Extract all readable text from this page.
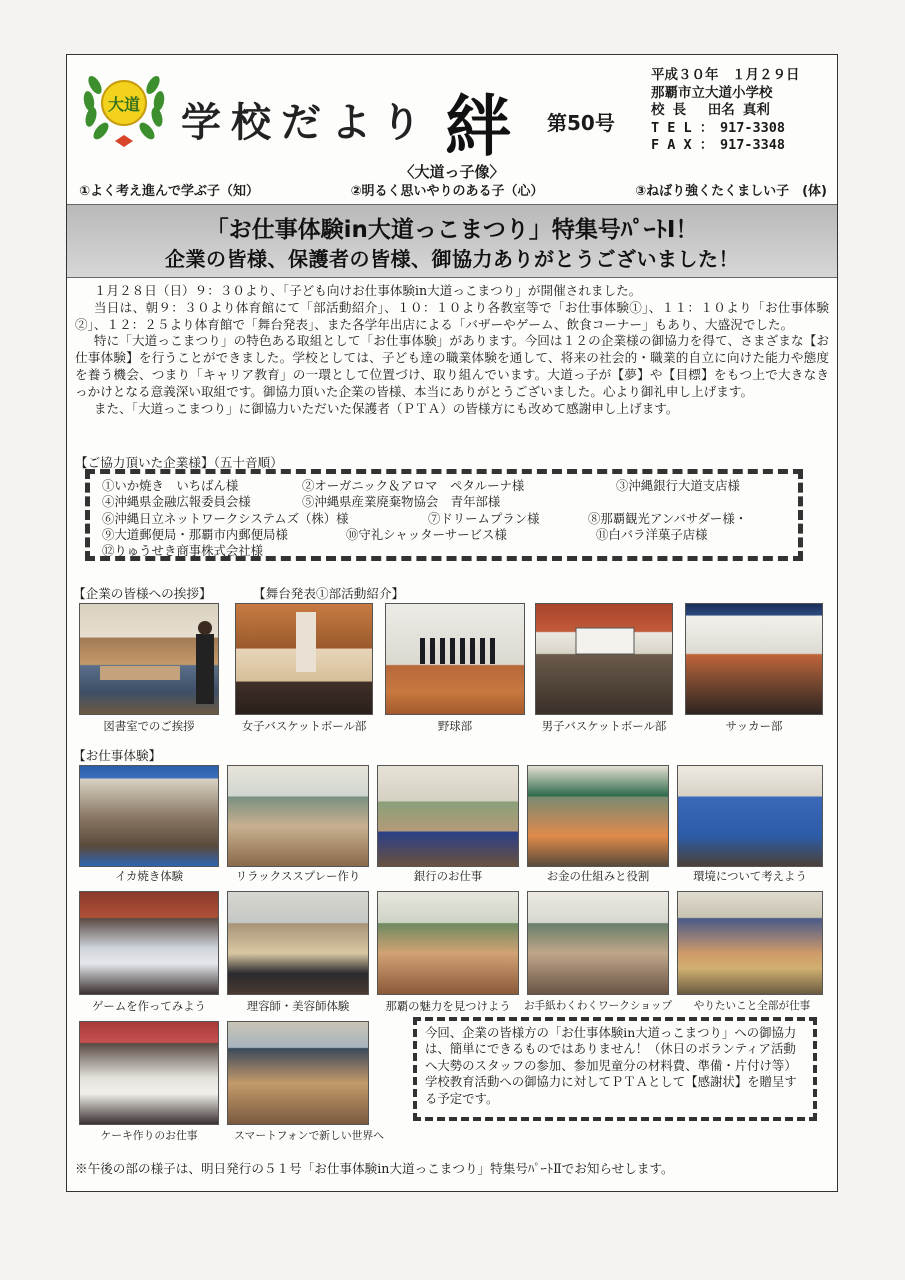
大道 学校だより 絆 第50号
平成３０年　１月２９日
那覇市立大道小学校
校 長　 田名 真利
T E L ：　917-3308
F A X ：　917-3348
〈大道っ子像〉
①よく考え進んで学ぶ子（知）	②明るく思いやりのある子（心）	③ねばり強くたくましい子　(体)
「お仕事体験in大道っこまつり」特集号ﾊﾟｰﾄⅠ！
企業の皆様、保護者の皆様、御協力ありがとうございました！

１月２８日（日）９：３０より、「子ども向けお仕事体験in大道っこまつり」が開催されました。

当日は、朝９：３０より体育館にて「部活動紹介」、１０：１０より各教室等で「お仕事体験①」、１１：１０より「お仕事体験②」、１２：２５より体育館で「舞台発表」、また各学年出店による「バザーやゲーム、飲食コーナー」もあり、大盛況でした。

特に「大道っこまつり」の特色ある取組として「お仕事体験」があります。今回は１２の企業様の御協力を得て、さまざまな【お仕事体験】を行うことができました。学校としては、子ども達の職業体験を通して、将来の社会的・職業的自立に向けた能力や態度を養う機会、つまり「キャリア教育」の一環として位置づけ、取り組んでいます。大道っ子が【夢】や【目標】をもつ上で大きなきっかけとなる意義深い取組です。御協力頂いた企業の皆様、本当にありがとうございました。心より御礼申し上げます。

また、「大道っこまつり」に御協力いただいた保護者（ＰＴＡ）の皆様方にも改めて感謝申し上げます。

【ご協力頂いた企業様】（五十音順）
①いか焼き　いちばん様	②オーガニック＆アロマ　ペタルーナ様	③沖縄銀行大道支店様
④沖縄県金融広報委員会様	⑤沖縄県産業廃棄物協会　青年部様
⑥沖縄日立ネットワークシステムズ（株）様	⑦ドリームプラン様	⑧那覇観光アンバサダー様・
⑨大道郵便局・那覇市内郵便局様	⑩守礼シャッターサービス様	⑪白バラ洋菓子店様
⑫りゅうせき商事株式会社様
【企業の皆様への挨拶】	【舞台発表①部活動紹介】
図書室でのご挨拶	女子バスケットボール部	野球部	男子バスケットボール部	サッカー部
【お仕事体験】
イカ焼き体験	リラックススプレー作り	銀行のお仕事	お金の仕組みと役割	環境について考えよう
ゲームを作ってみよう	理容師・美容師体験	那覇の魅力を見つけよう	お手紙わくわくワークショップ	やりたいこと全部が仕事
ケーキ作りのお仕事	スマートフォンで新しい世界へ
今回、企業の皆様方の「お仕事体験in大道っこまつり」への御協力は、簡単にできるものではありません！（休日のボランティア活動へ大勢のスタッフの参加、参加児童分の材料費、準備・片付け等）　学校教育活動への御協力に対してＰＴＡとして【感謝状】を贈呈する予定です。
※午後の部の様子は、明日発行の５１号「お仕事体験in大道っこまつり」特集号ﾊﾟｰﾄⅡでお知らせします。
